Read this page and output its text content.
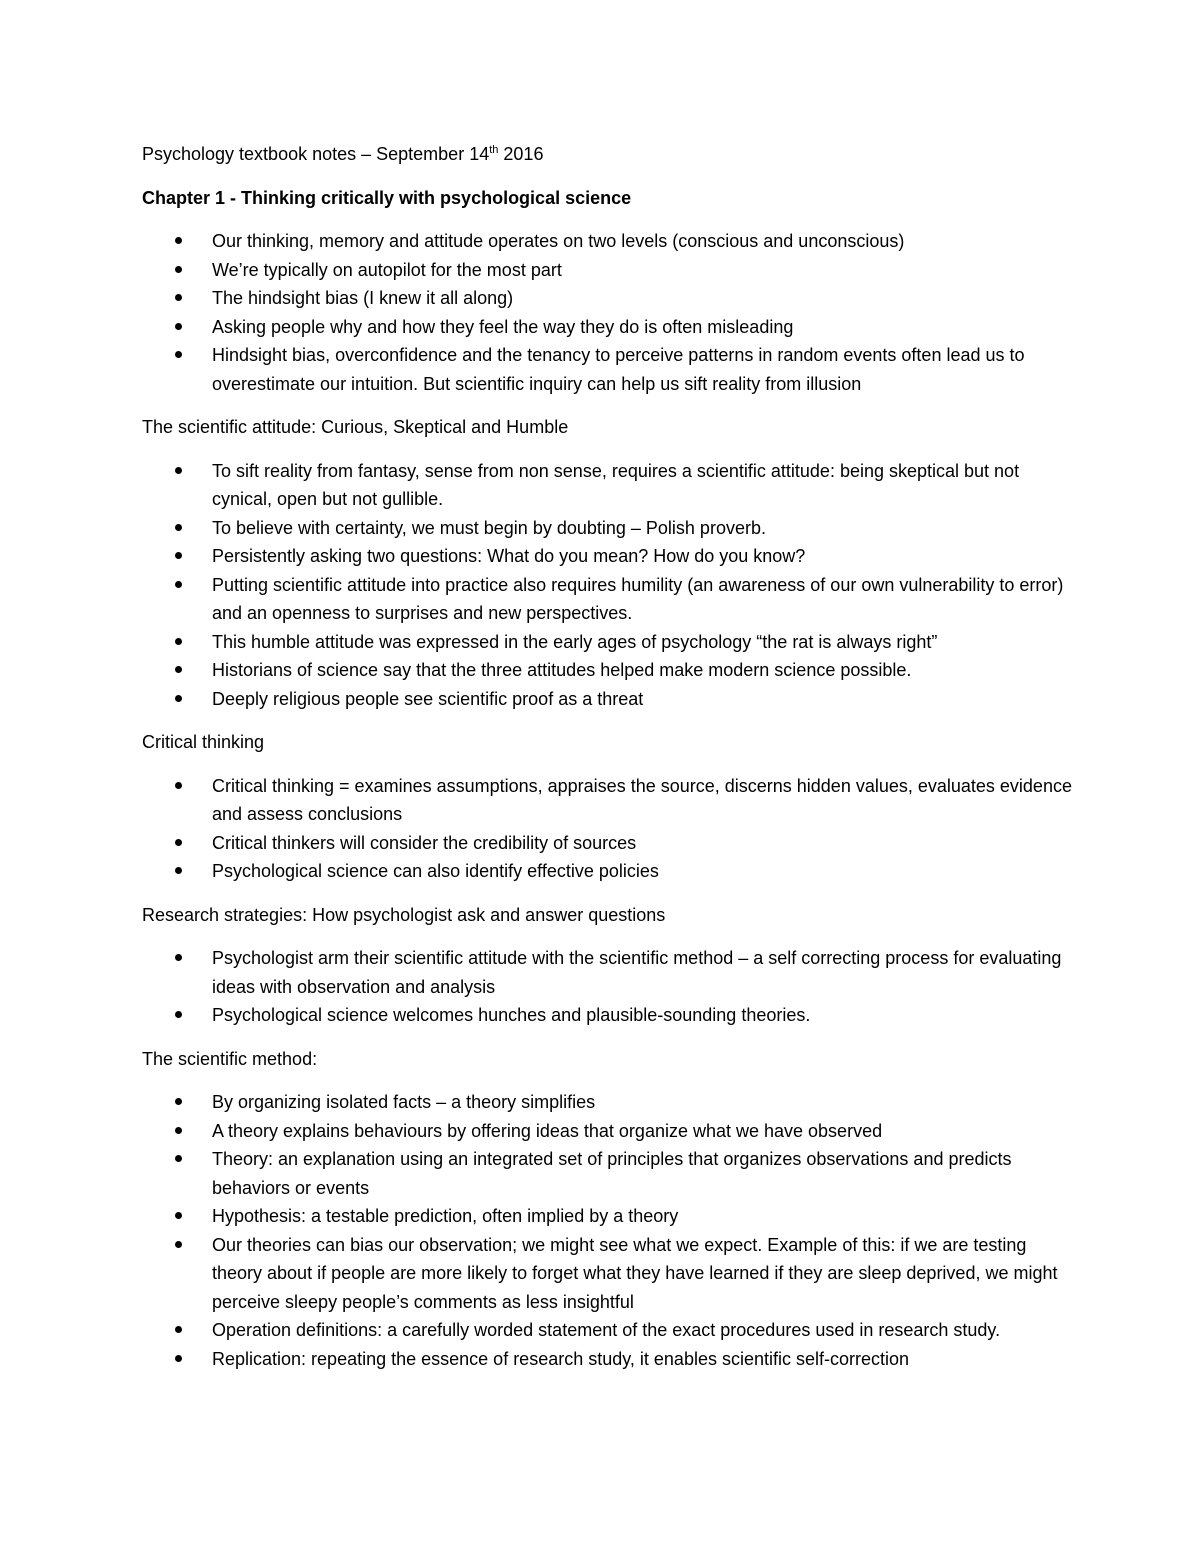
Psychology textbook notes – September 14th 2016
Chapter 1 - Thinking critically with psychological science
Our thinking, memory and attitude operates on two levels (conscious and unconscious)
We’re typically on autopilot for the most part
The hindsight bias (I knew it all along)
Asking people why and how they feel the way they do is often misleading
Hindsight bias, overconfidence and the tenancy to perceive patterns in random events often lead us to overestimate our intuition. But scientific inquiry can help us sift reality from illusion
The scientific attitude: Curious, Skeptical and Humble
To sift reality from fantasy, sense from non sense, requires a scientific attitude: being skeptical but not cynical, open but not gullible.
To believe with certainty, we must begin by doubting – Polish proverb.
Persistently asking two questions: What do you mean? How do you know?
Putting scientific attitude into practice also requires humility (an awareness of our own vulnerability to error) and an openness to surprises and new perspectives.
This humble attitude was expressed in the early ages of psychology “the rat is always right”
Historians of science say that the three attitudes helped make modern science possible.
Deeply religious people see scientific proof as a threat
Critical thinking
Critical thinking = examines assumptions, appraises the source, discerns hidden values, evaluates evidence and assess conclusions
Critical thinkers will consider the credibility of sources
Psychological science can also identify effective policies
Research strategies: How psychologist ask and answer questions
Psychologist arm their scientific attitude with the scientific method – a self correcting process for evaluating ideas with observation and analysis
Psychological science welcomes hunches and plausible-sounding theories.
The scientific method:
By organizing isolated facts – a theory simplifies
A theory explains behaviours by offering ideas that organize what we have observed
Theory: an explanation using an integrated set of principles that organizes observations and predicts behaviors or events
Hypothesis: a testable prediction, often implied by a theory
Our theories can bias our observation; we might see what we expect. Example of this: if we are testing theory about if people are more likely to forget what they have learned if they are sleep deprived, we might perceive sleepy people’s comments as less insightful
Operation definitions: a carefully worded statement of the exact procedures used in research study.
Replication: repeating the essence of research study, it enables scientific self-correction
